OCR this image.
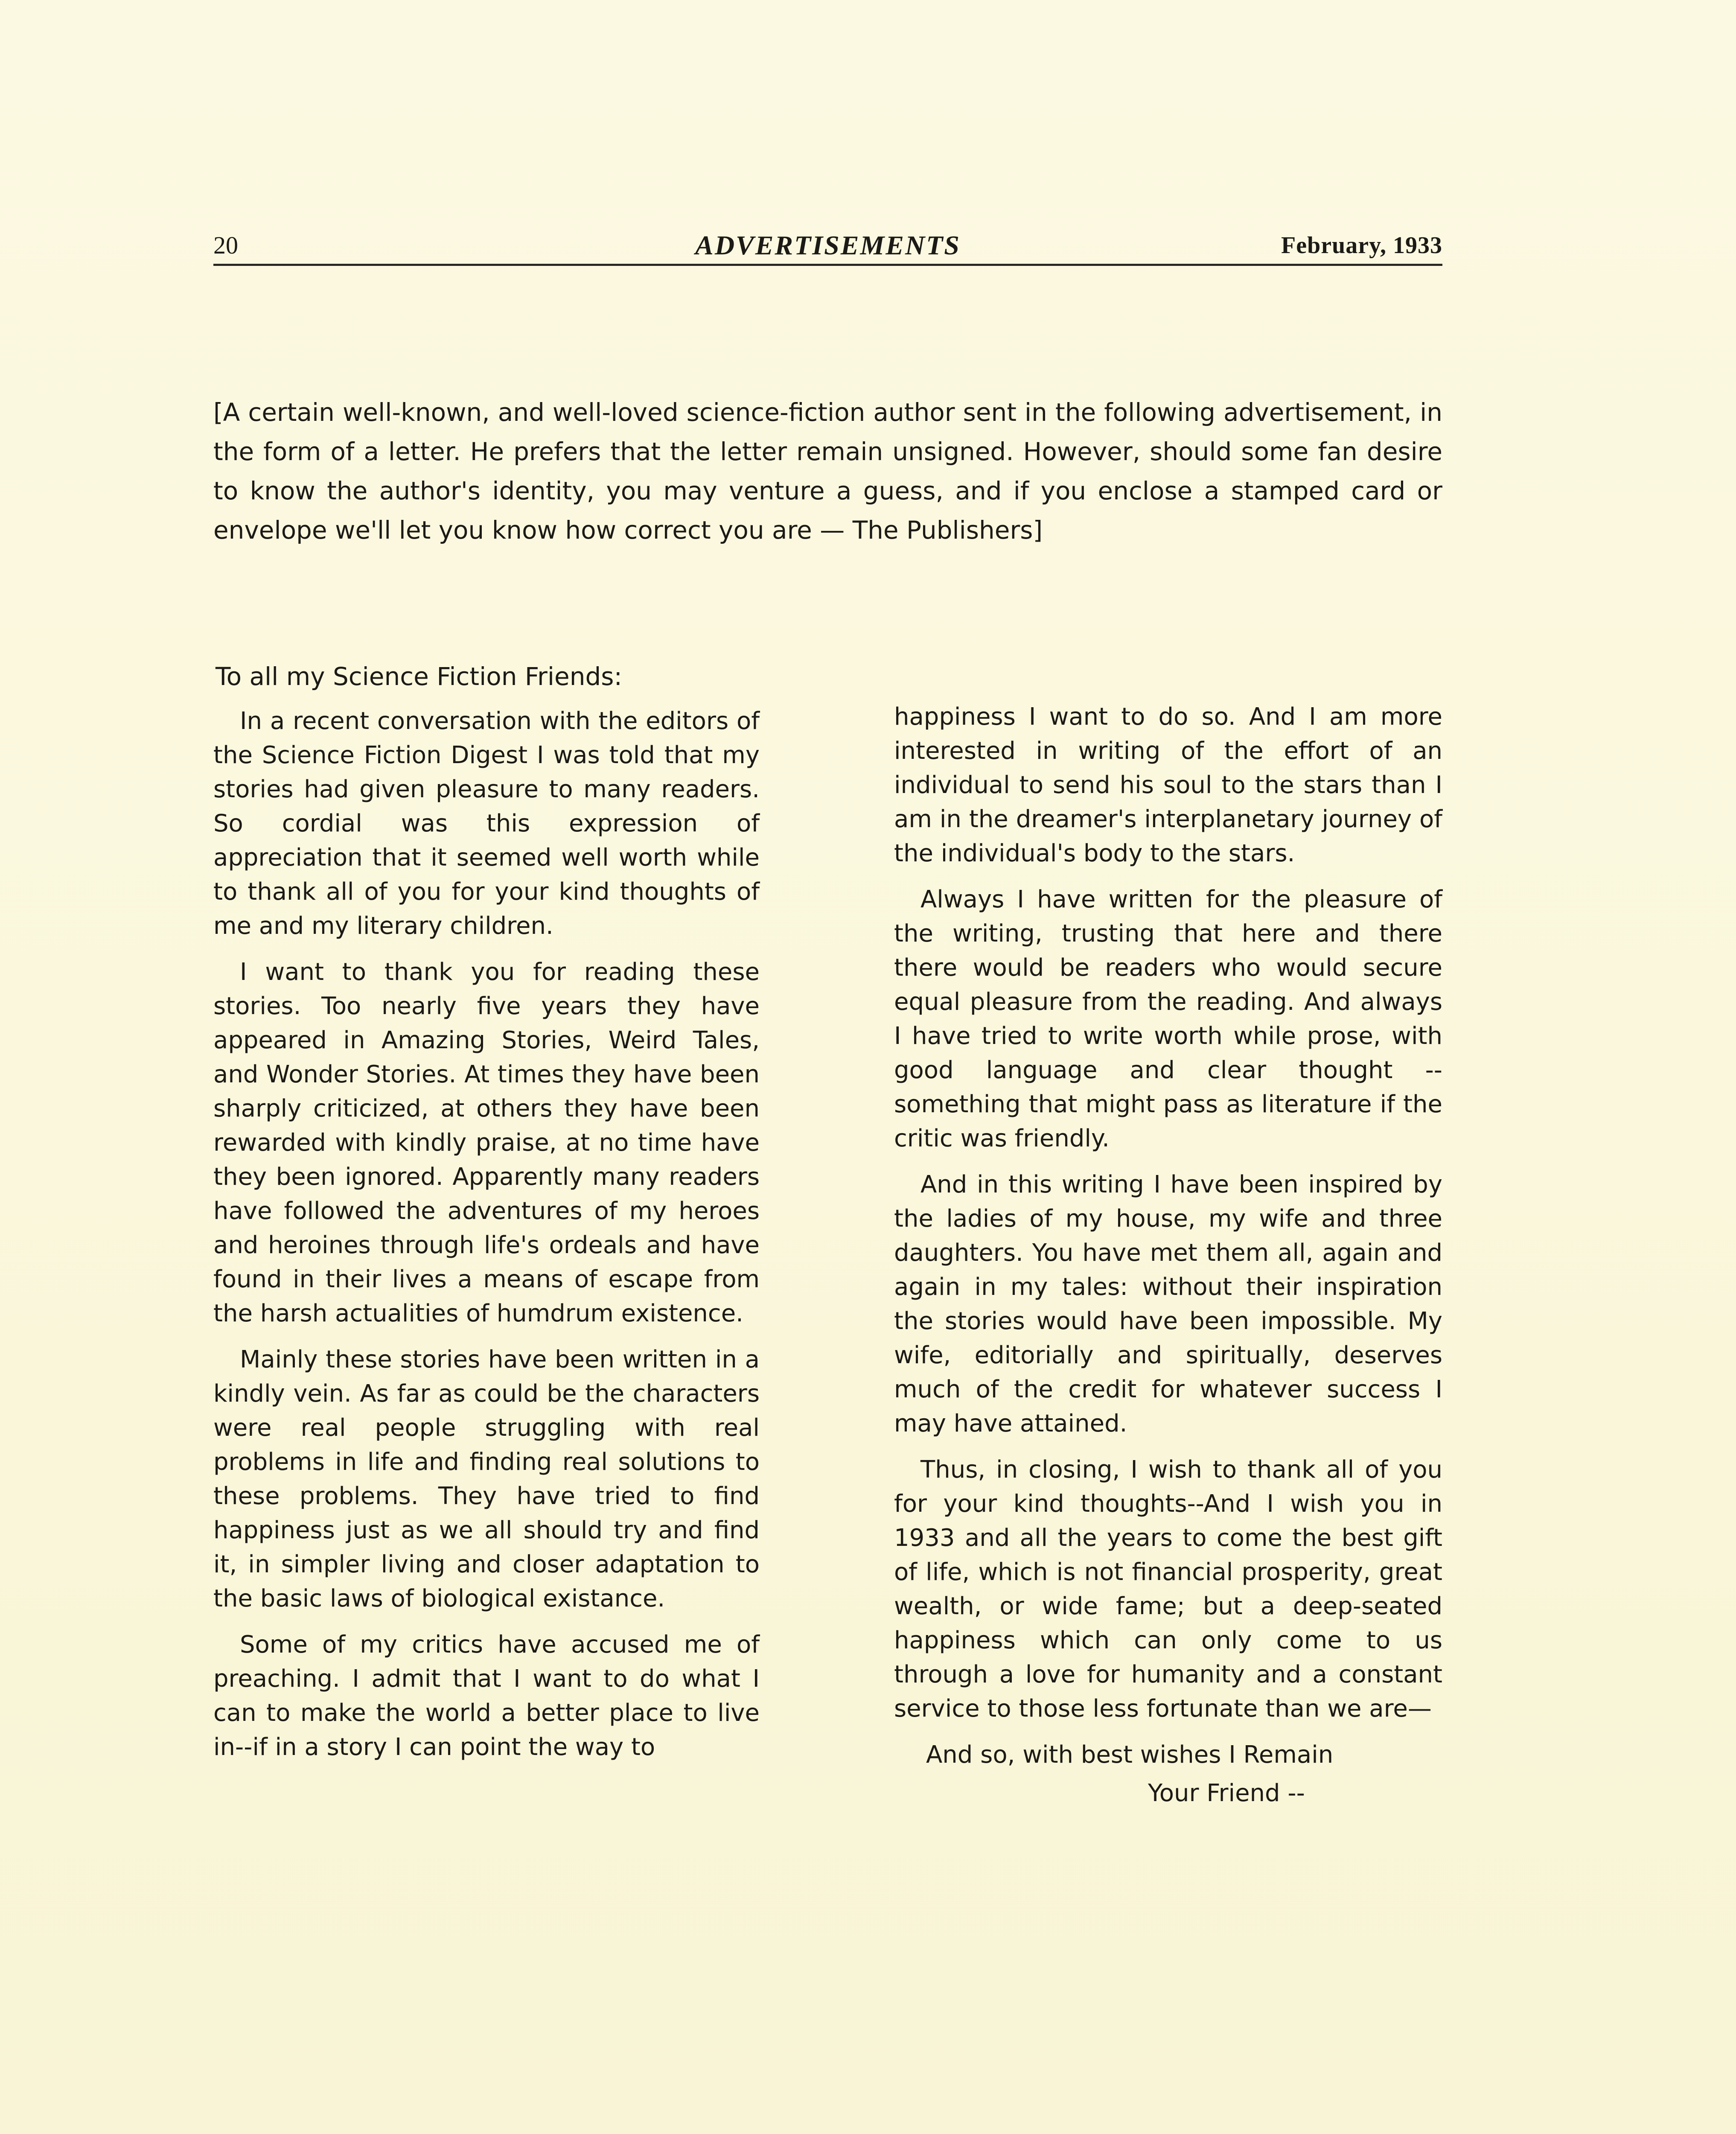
20	ADVERTISEMENTS	February, 1933
[A certain well-known, and well-loved science-fiction author sent in the following advertisement, in the form of a letter. He prefers that the letter remain unsigned. However, should some fan desire to know the author's identity, you may venture a guess, and if you enclose a stamped card or envelope we'll let you know how correct you are — The Publishers]
To all my Science Fiction Friends:

In a recent conversation with the editors of the Science Fiction Digest I was told that my stories had given pleasure to many readers. So cordial was this expression of appreciation that it seemed well worth while to thank all of you for your kind thoughts of me and my literary children.

I want to thank you for reading these stories. Too nearly five years they have appeared in Amazing Stories, Weird Tales, and Wonder Stories. At times they have been sharply criticized, at others they have been rewarded with kindly praise, at no time have they been ignored. Apparently many readers have followed the adventures of my heroes and heroines through life's ordeals and have found in their lives a means of escape from the harsh actualities of humdrum existence.

Mainly these stories have been written in a kindly vein. As far as could be the characters were real people struggling with real problems in life and finding real solutions to these problems. They have tried to find happiness just as we all should try and find it, in simpler living and closer adaptation to the basic laws of biological existance.

Some of my critics have accused me of preaching. I admit that I want to do what I can to make the world a better place to live in--if in a story I can point the way to

happiness I want to do so. And I am more interested in writing of the effort of an individual to send his soul to the stars than I am in the dreamer's interplanetary journey of the individual's body to the stars.

Always I have written for the pleasure of the writing, trusting that here and there there would be readers who would secure equal pleasure from the reading. And always I have tried to write worth while prose, with good language and clear thought --something that might pass as literature if the critic was friendly.

And in this writing I have been inspired by the ladies of my house, my wife and three daughters. You have met them all, again and again in my tales: without their inspiration the stories would have been impossible. My wife, editorially and spiritually, deserves much of the credit for whatever success I may have attained.

Thus, in closing, I wish to thank all of you for your kind thoughts--And I wish you in 1933 and all the years to come the best gift of life, which is not financial prosperity, great wealth, or wide fame; but a deep-seated happiness which can only come to us through a love for humanity and a constant service to those less fortunate than we are—

And so, with best wishes I Remain

Your Friend --
